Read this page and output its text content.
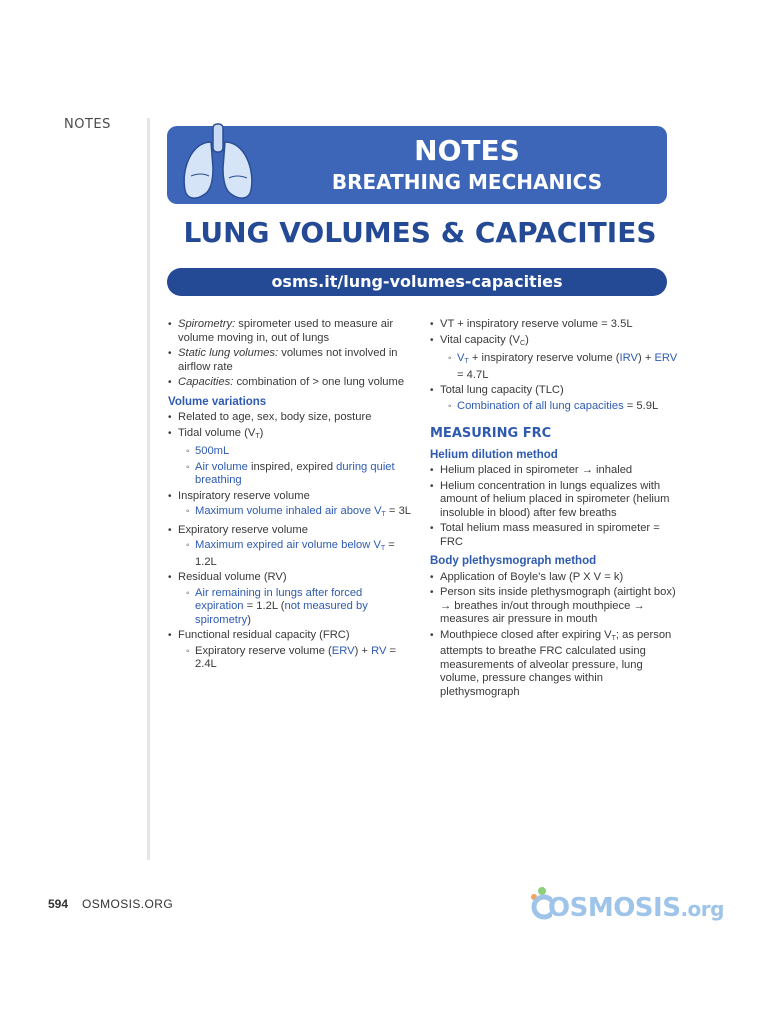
NOTES
NOTES
BREATHING MECHANICS
LUNG VOLUMES & CAPACITIES
osms.it/lung-volumes-capacities
• Spirometry: spirometer used to measure air volume moving in, out of lungs
• Static lung volumes: volumes not involved in airflow rate
• Capacities: combination of > one lung volume
Volume variations
• Related to age, sex, body size, posture
• Tidal volume (VT)
◦ 500mL
◦ Air volume inspired, expired during quiet breathing
• Inspiratory reserve volume
◦ Maximum volume inhaled air above VT = 3L
• Expiratory reserve volume
◦ Maximum expired air volume below VT = 1.2L
• Residual volume (RV)
◦ Air remaining in lungs after forced expiration = 1.2L (not measured by spirometry)
• Functional residual capacity (FRC)
◦ Expiratory reserve volume (ERV) + RV = 2.4L
• VT + inspiratory reserve volume = 3.5L
• Vital capacity (VC)
◦ VT + inspiratory reserve volume (IRV) + ERV = 4.7L
• Total lung capacity (TLC)
◦ Combination of all lung capacities = 5.9L
MEASURING FRC
Helium dilution method
• Helium placed in spirometer → inhaled
• Helium concentration in lungs equalizes with amount of helium placed in spirometer (helium insoluble in blood) after few breaths
• Total helium mass measured in spirometer = FRC
Body plethysmograph method
• Application of Boyle's law (P X V = k)
• Person sits inside plethysmograph (airtight box) → breathes in/out through mouthpiece → measures air pressure in mouth
• Mouthpiece closed after expiring VT; as person attempts to breathe FRC calculated using measurements of alveolar pressure, lung volume, pressure changes within plethysmograph
594 OSMOSIS.ORG	OSMOSIS.org
